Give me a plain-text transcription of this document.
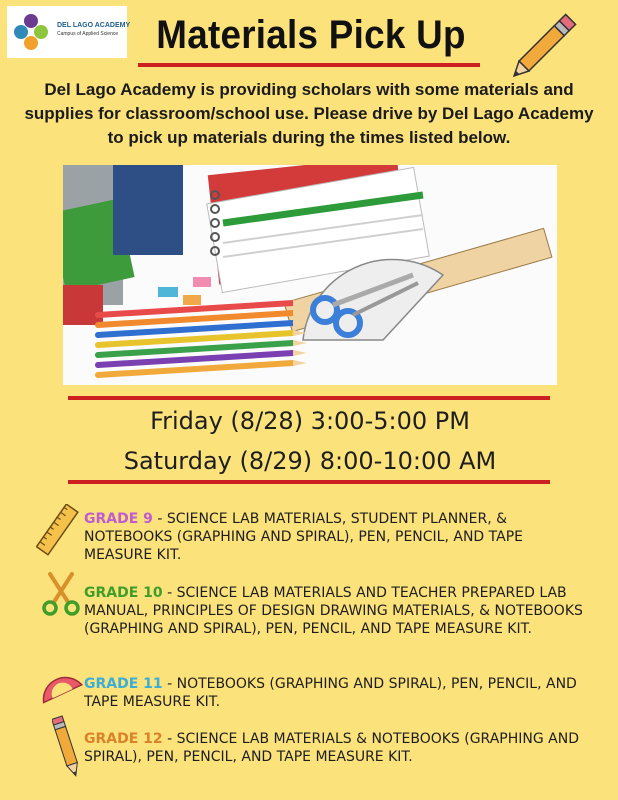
DEL LAGO ACADEMY
Campus of Applied Science Materials Pick Up
Del Lago Academy is providing scholars with some materials and supplies for classroom/school use. Please drive by Del Lago Academy to pick up materials during the times listed below.
Friday (8/28) 3:00-5:00 PM
Saturday (8/29) 8:00-10:00 AM
GRADE 9 - SCIENCE LAB MATERIALS, STUDENT PLANNER, & NOTEBOOKS (GRAPHING AND SPIRAL), PEN, PENCIL, AND TAPE MEASURE KIT.
GRADE 10 - SCIENCE LAB MATERIALS AND TEACHER PREPARED LAB MANUAL, PRINCIPLES OF DESIGN DRAWING MATERIALS, & NOTEBOOKS (GRAPHING AND SPIRAL), PEN, PENCIL, AND TAPE MEASURE KIT.
GRADE 11 - NOTEBOOKS (GRAPHING AND SPIRAL), PEN, PENCIL, AND TAPE MEASURE KIT.
GRADE 12 - SCIENCE LAB MATERIALS & NOTEBOOKS (GRAPHING AND SPIRAL), PEN, PENCIL, AND TAPE MEASURE KIT.
